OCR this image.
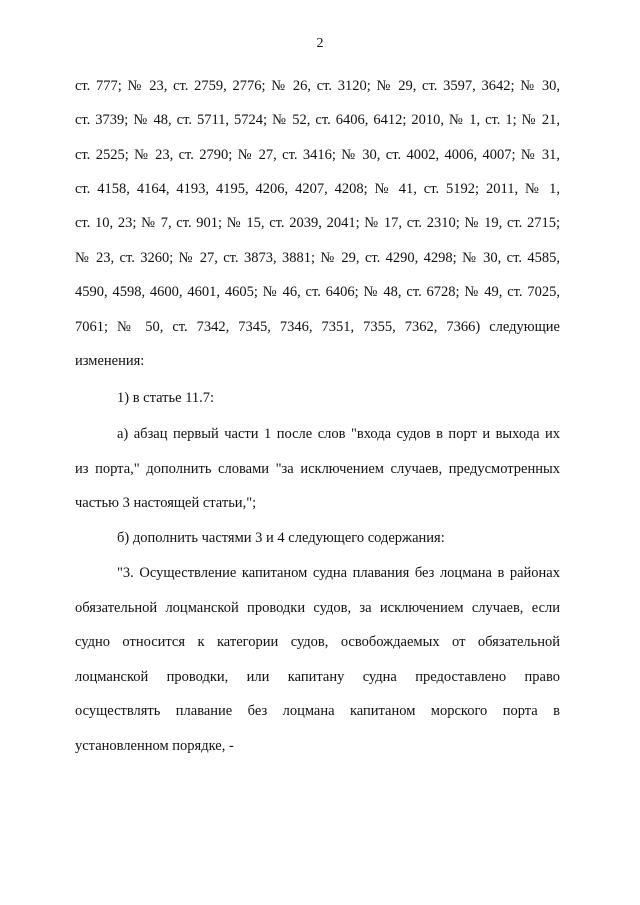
2
ст. 777; № 23, ст. 2759, 2776; № 26, ст. 3120; № 29, ст. 3597, 3642; № 30,
ст. 3739; № 48, ст. 5711, 5724; № 52, ст. 6406, 6412; 2010, № 1, ст. 1; № 21,
ст. 2525; № 23, ст. 2790; № 27, ст. 3416; № 30, ст. 4002, 4006, 4007; № 31,
ст. 4158, 4164, 4193, 4195, 4206, 4207, 4208; № 41, ст. 5192; 2011, № 1,
ст. 10, 23; № 7, ст. 901; № 15, ст. 2039, 2041; № 17, ст. 2310; № 19, ст. 2715;
№ 23, ст. 3260; № 27, ст. 3873, 3881; № 29, ст. 4290, 4298; № 30, ст. 4585,
4590, 4598, 4600, 4601, 4605; № 46, ст. 6406; № 48, ст. 6728; № 49, ст. 7025,
7061; № 50, ст. 7342, 7345, 7346, 7351, 7355, 7362, 7366) следующие
изменения:
1) в статье 11.7:
а) абзац первый части 1 после слов "входа судов в порт и выхода их
из порта," дополнить словами "за исключением случаев, предусмотренных
частью 3 настоящей статьи,";
б) дополнить частями 3 и 4 следующего содержания:
"3. Осуществление капитаном судна плавания без лоцмана в районах
обязательной лоцманской проводки судов, за исключением случаев, если
судно относится к категории судов, освобождаемых от обязательной
лоцманской проводки, или капитану судна предоставлено право
осуществлять плавание без лоцмана капитаном морского порта в
установленном порядке, -
